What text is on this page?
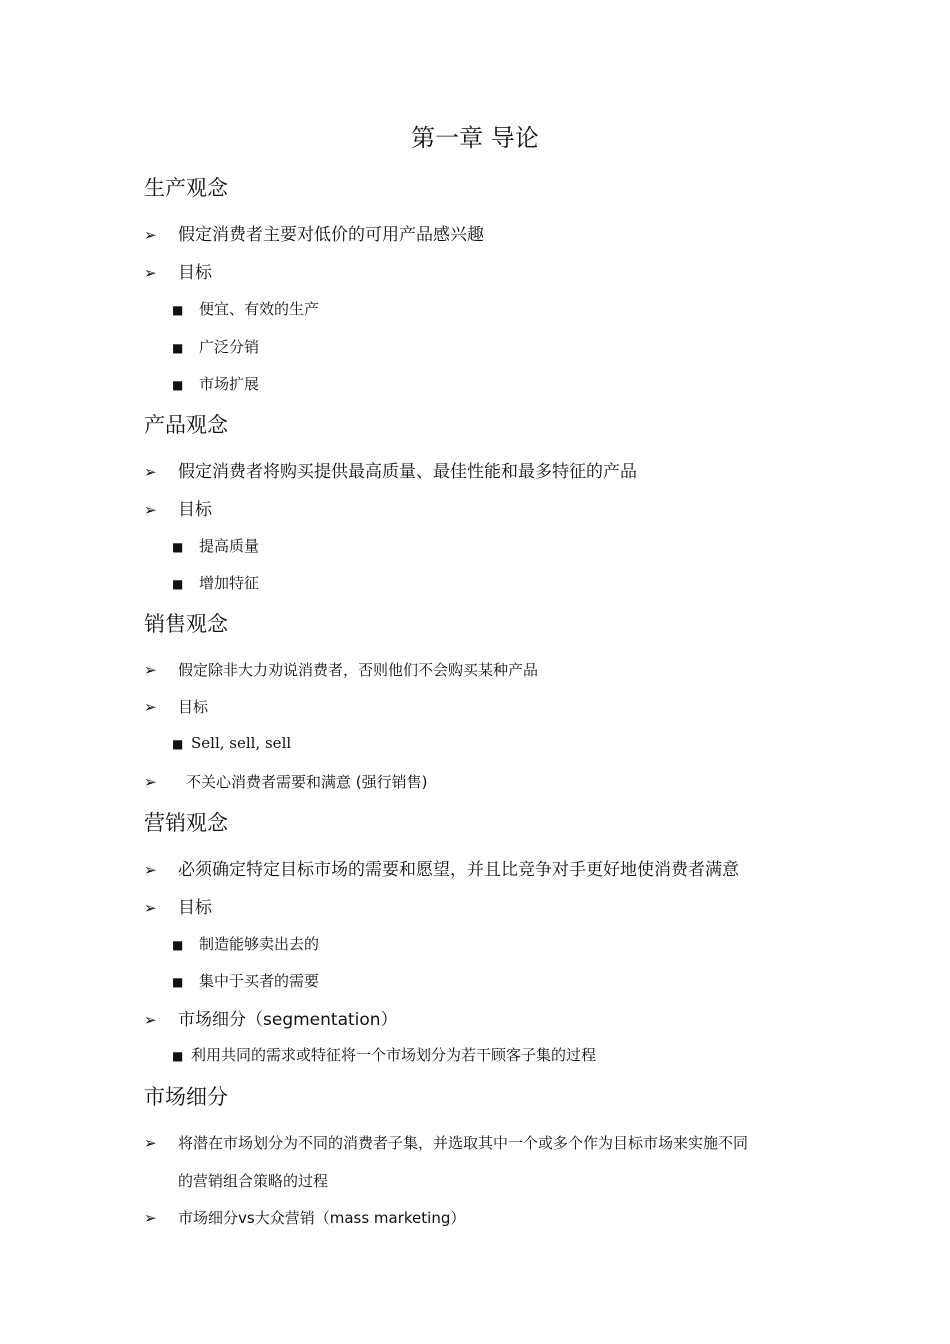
第一章 导论
生产观念
➢ 假定消费者主要对低价的可用产品感兴趣
➢ 目标
■ 便宜、有效的生产
■ 广泛分销
■ 市场扩展
产品观念
➢ 假定消费者将购买提供最高质量、最佳性能和最多特征的产品
➢ 目标
■ 提高质量
■ 增加特征
销售观念
➢ 假定除非大力劝说消费者，否则他们不会购买某种产品
➢ 目标
■ Sell, sell, sell
➢ 不关心消费者需要和满意 (强行销售)
营销观念
➢ 必须确定特定目标市场的需要和愿望，并且比竞争对手更好地使消费者满意
➢ 目标
■ 制造能够卖出去的
■ 集中于买者的需要
➢ 市场细分（segmentation）
■ 利用共同的需求或特征将一个市场划分为若干顾客子集的过程
市场细分
➢ 将潜在市场划分为不同的消费者子集，并选取其中一个或多个作为目标市场来实施不同
的营销组合策略的过程
➢ 市场细分vs大众营销（mass marketing）
